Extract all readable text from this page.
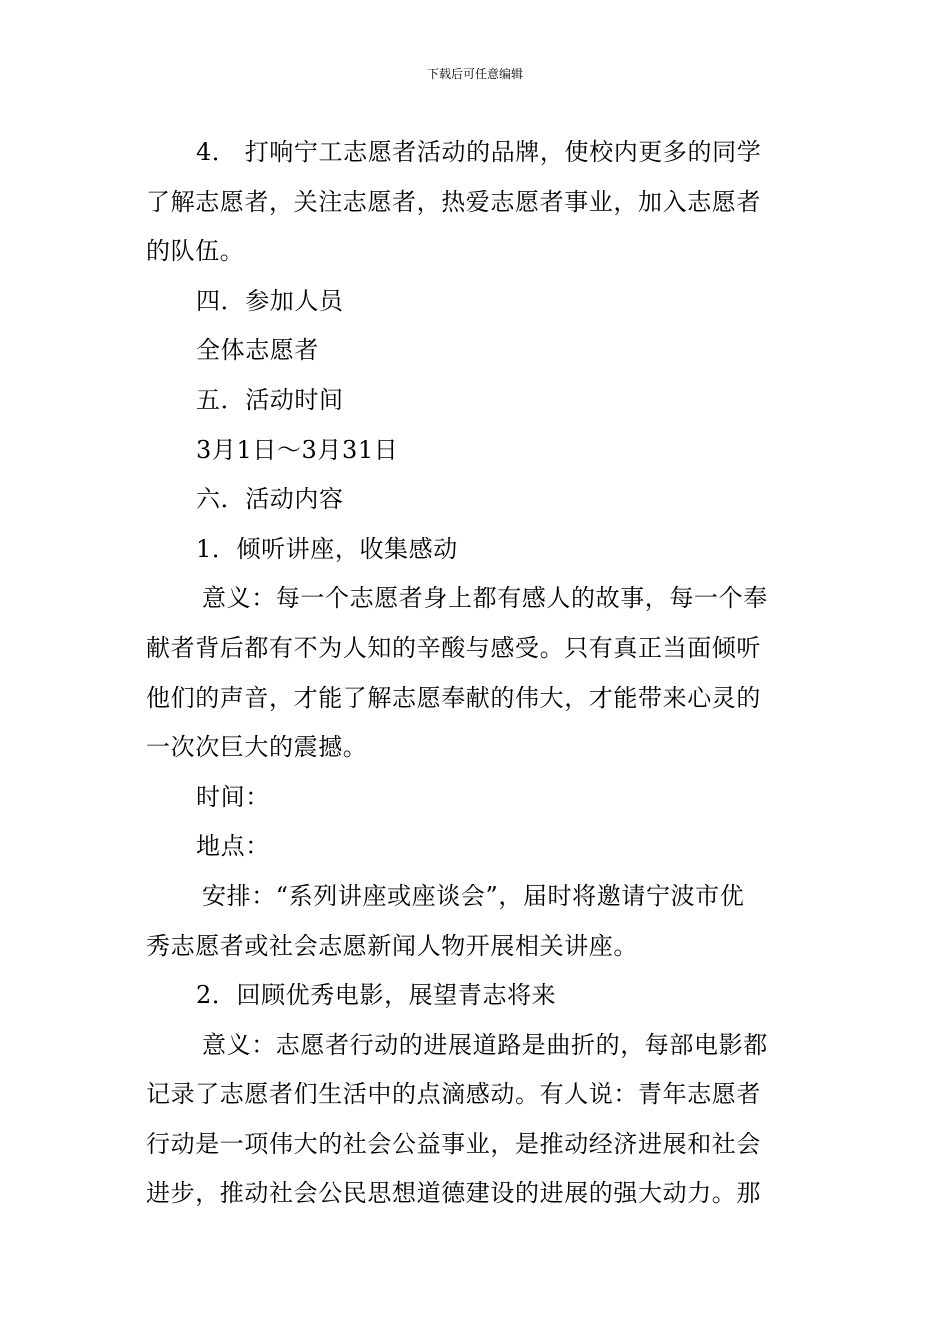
下载后可任意编辑

4． 打响宁工志愿者活动的品牌，使校内更多的同学

了解志愿者，关注志愿者，热爱志愿者事业，加入志愿者

的队伍。

四．参加人员

全体志愿者

五．活动时间

3月1日～3月31日

六．活动内容

1．倾听讲座，收集感动

意义：每一个志愿者身上都有感人的故事，每一个奉

献者背后都有不为人知的辛酸与感受。只有真正当面倾听

他们的声音，才能了解志愿奉献的伟大，才能带来心灵的

一次次巨大的震撼。

时间：

地点：

安排：“系列讲座或座谈会”，届时将邀请宁波市优

秀志愿者或社会志愿新闻人物开展相关讲座。

2．回顾优秀电影，展望青志将来

意义：志愿者行动的进展道路是曲折的，每部电影都

记录了志愿者们生活中的点滴感动。有人说：青年志愿者

行动是一项伟大的社会公益事业，是推动经济进展和社会

进步，推动社会公民思想道德建设的进展的强大动力。那
